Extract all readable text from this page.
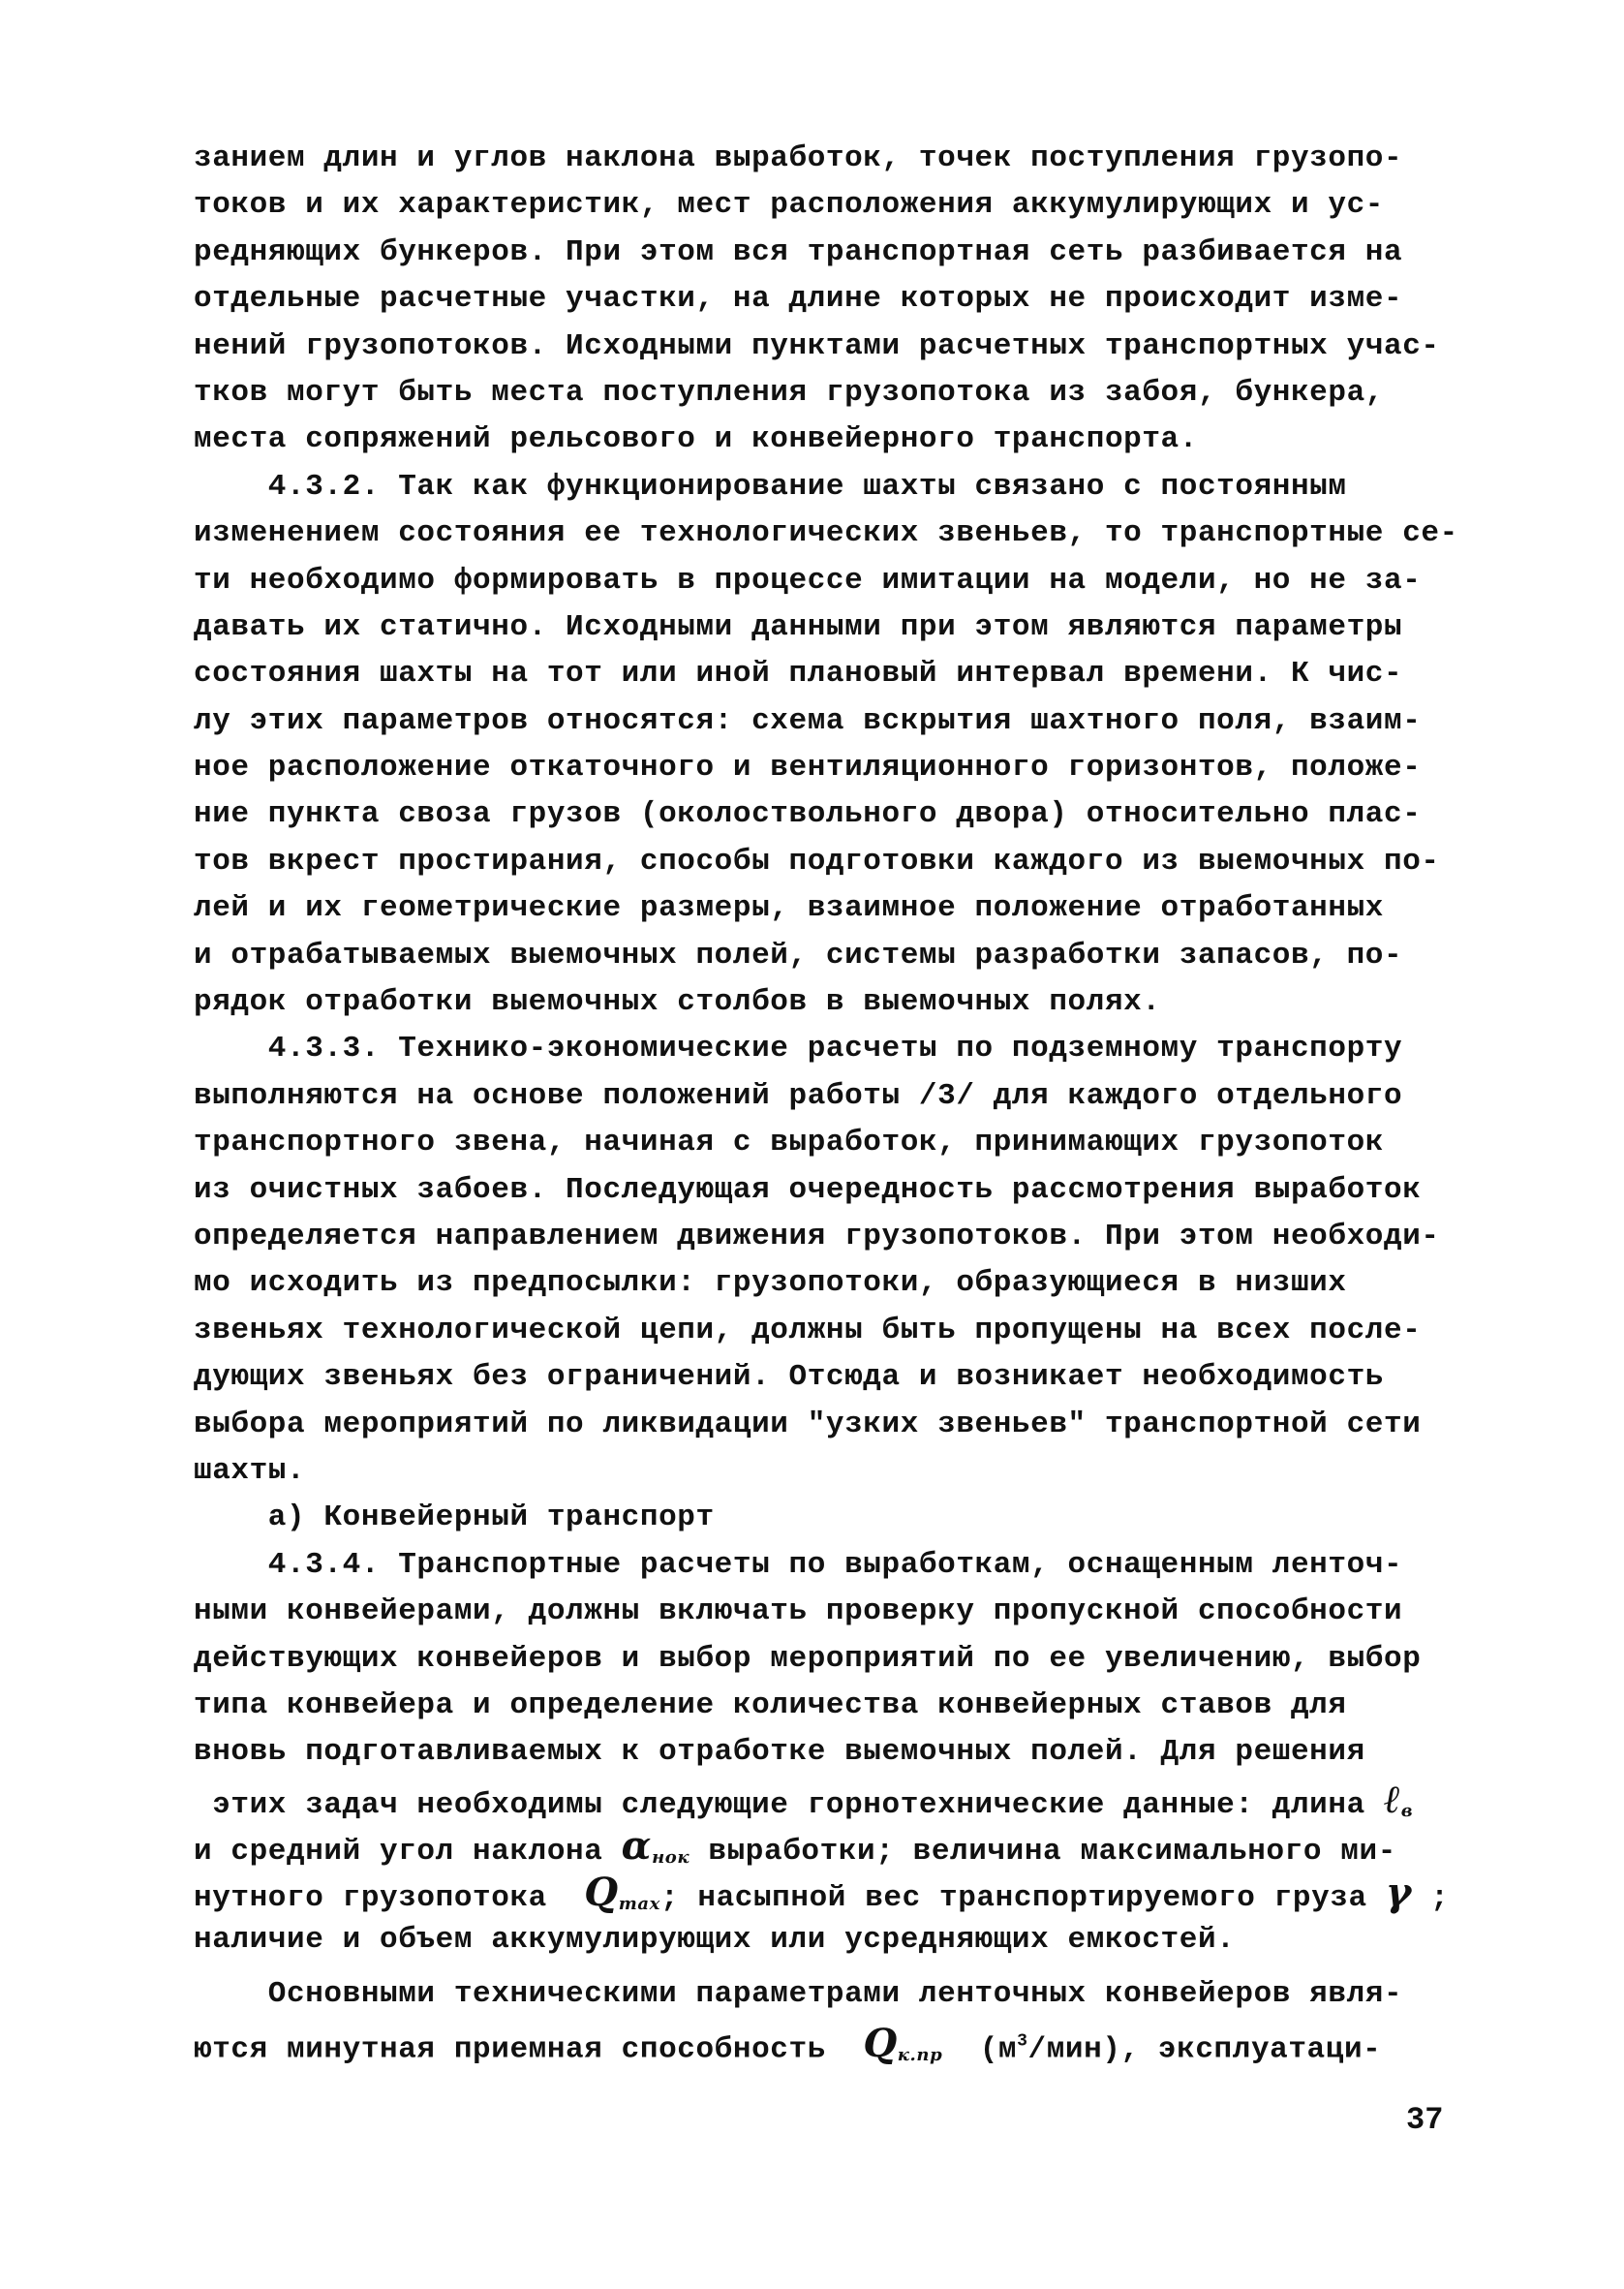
занием длин и углов наклона выработок, точек поступления грузопо-
токов и их характеристик, мест расположения аккумулирующих и ус-
редняющих бункеров. При этом вся транспортная сеть разбивается на
отдельные расчетные участки, на длине которых не происходит изме-
нений грузопотоков. Исходными пунктами расчетных транспортных учас-
тков могут быть места поступления грузопотока из забоя, бункера,
места сопряжений рельсового и конвейерного транспорта.
4.3.2. Так как функционирование шахты связано с постоянным
изменением состояния ее технологических звеньев, то транспортные се-
ти необходимо формировать в процессе имитации на модели, но не за-
давать их статично. Исходными данными при этом являются параметры
состояния шахты на тот или иной плановый интервал времени. К чис-
лу этих параметров относятся: схема вскрытия шахтного поля, взаим-
ное расположение откаточного и вентиляционного горизонтов, положе-
ние пункта своза грузов (околоствольного двора) относительно плас-
тов вкрест простирания, способы подготовки каждого из выемочных по-
лей и их геометрические размеры, взаимное положение отработанных
и отрабатываемых выемочных полей, системы разработки запасов, по-
рядок отработки выемочных столбов в выемочных полях.
4.3.3. Технико-экономические расчеты по подземному транспорту
выполняются на основе положений работы /3/ для каждого отдельного
транспортного звена, начиная с выработок, принимающих грузопоток
из очистных забоев. Последующая очередность рассмотрения выработок
определяется направлением движения грузопотоков. При этом необходи-
мо исходить из предпосылки: грузопотоки, образующиеся в низших
звеньях технологической цепи, должны быть пропущены на всех после-
дующих звеньях без ограничений. Отсюда и возникает необходимость
выбора мероприятий по ликвидации "узких звеньев" транспортной сети
шахты.
а) Конвейерный транспорт
4.3.4. Транспортные расчеты по выработкам, оснащенным ленточ-
ными конвейерами, должны включать проверку пропускной способности
действующих конвейеров и выбор мероприятий по ее увеличению, выбор
типа конвейера и определение количества конвейерных ставов для
вновь подготавливаемых к отработке выемочных полей. Для решения
этих задач необходимы следующие горнотехнические данные: длина ℓ$_в$
и средний угол наклона $\alpha_{нок}$ выработки; величина максимального ми-
нутного грузопотока  $Q_{max}$; насыпной вес транспортируемого груза γ ;
наличие и объем аккумулирующих или усредняющих емкостей.
Основными техническими параметрами ленточных конвейеров явля-
ются минутная приемная способность  $Q_{к.пр}$  $(м^3/мин)$, эксплуатаци-
37
